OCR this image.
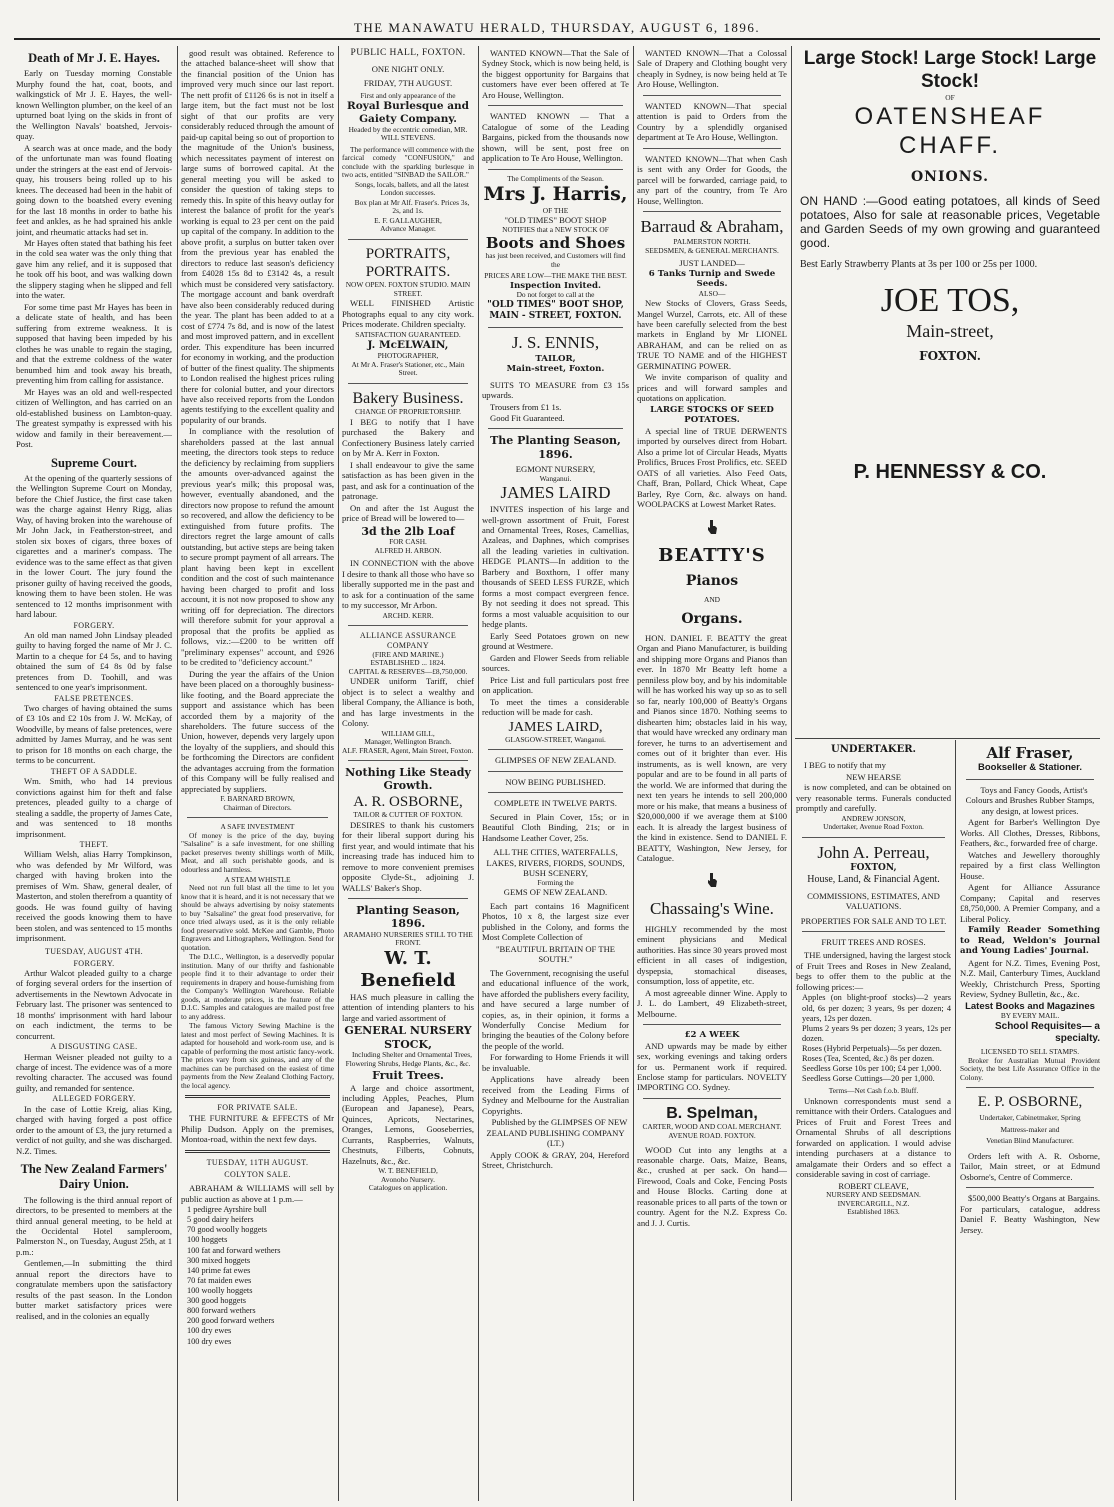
THE MANAWATU HERALD, THURSDAY, AUGUST 6, 1896.
Death of Mr J. E. Hayes.

Early on Tuesday morning Constable Murphy found the hat, coat, boots, and walkingstick of Mr J. E. Hayes, the well-known Wellington plumber, on the keel of an upturned boat lying on the skids in front of the Wellington Navals' boatshed, Jervois-quay.

A search was at once made, and the body of the unfortunate man was found floating under the stringers at the east end of Jervois-quay, his trousers being rolled up to his knees. The deceased had been in the habit of going down to the boatshed every evening for the last 18 months in order to bathe his feet and ankles, as he had sprained his ankle joint, and rheumatic attacks had set in.

Mr Hayes often stated that bathing his feet in the cold sea water was the only thing that gave him any relief, and it is supposed that he took off his boot, and was walking down the slippery staging when he slipped and fell into the water.

For some time past Mr Hayes has been in a delicate state of health, and has been suffering from extreme weakness. It is supposed that having been impeded by his clothes he was unable to regain the staging, and that the extreme coldness of the water benumbed him and took away his breath, preventing him from calling for assistance.

Mr Hayes was an old and well-respected citizen of Wellington, and has carried on an old-established business on Lambton-quay. The greatest sympathy is expressed with his widow and family in their bereavement.— Post.

Supreme Court.

At the opening of the quarterly sessions of the Wellington Supreme Court on Monday, before the Chief Justice, the first case taken was the charge against Henry Rigg, alias Way, of having broken into the warehouse of Mr John Jack, in Featherston-street, and stolen six boxes of cigars, three boxes of cigarettes and a mariner's compass. The evidence was to the same effect as that given in the lower Court. The jury found the prisoner guilty of having received the goods, knowing them to have been stolen. He was sentenced to 12 months imprisonment with hard labour.

FORGERY.

An old man named John Lindsay pleaded guilty to having forged the name of Mr J. C. Martin to a cheque for £4 5s, and to having obtained the sum of £4 8s 0d by false pretences from D. Toohill, and was sentenced to one year's imprisonment.

FALSE PRETENCES.

Two charges of having obtained the sums of £3 10s and £2 10s from J. W. McKay, of Woodville, by means of false pretences, were admitted by James Murray, and he was sent to prison for 18 months on each charge, the terms to be concurrent.

THEFT OF A SADDLE.

Wm. Smith, who had 14 previous convictions against him for theft and false pretences, pleaded guilty to a charge of stealing a saddle, the property of James Cate, and was sentenced to 18 months imprisonment.

THEFT.

William Welsh, alias Harry Tompkinson, who was defended by Mr Wilford, was charged with having broken into the premises of Wm. Shaw, general dealer, of Masterton, and stolen therefrom a quantity of goods. He was found guilty of having received the goods knowing them to have been stolen, and was sentenced to 15 months imprisonment.

TUESDAY, AUGUST 4TH.
FORGERY.

Arthur Walcot pleaded guilty to a charge of forging several orders for the insertion of advertisements in the Newtown Advocate in February last. The prisoner was sentenced to 18 months' imprisonment with hard labour on each indictment, the terms to be concurrent.

A DISGUSTING CASE.

Herman Weisner pleaded not guilty to a charge of incest. The evidence was of a more revolting character. The accused was found guilty, and remanded for sentence.

ALLEGED FORGERY.

In the case of Lottie Kreig, alias King, charged with having forged a post office order to the amount of £3, the jury returned a verdict of not guilty, and she was discharged. N.Z. Times.

The New Zealand Farmers' Dairy Union.

The following is the third annual report of directors, to be presented to members at the third annual general meeting, to be held at the Occidental Hotel sampleroom, Palmerston N., on Tuesday, August 25th, at 1 p.m.:

Gentlemen,—In submitting the third annual report the directors have to congratulate members upon the satisfactory results of the past season. In the London butter market satisfactory prices were realised, and in the colonies an equally

good result was obtained. Reference to the attached balance-sheet will show that the financial position of the Union has improved very much since our last report. The nett profit of £1126 6s is not in itself a large item, but the fact must not be lost sight of that our profits are very considerably reduced through the amount of paid-up capital being so out of proportion to the magnitude of the Union's business, which necessitates payment of interest on large sums of borrowed capital. At the general meeting you will be asked to consider the question of taking steps to remedy this. In spite of this heavy outlay for interest the balance of profit for the year's working is equal to 23 per cent on the paid up capital of the company. In addition to the above profit, a surplus on butter taken over from the previous year has enabled the directors to reduce last season's deficiency from £4028 15s 8d to £3142 4s, a result which must be considered very satisfactory. The mortgage account and bank overdraft have also been considerably reduced during the year. The plant has been added to at a cost of £774 7s 8d, and is now of the latest and most improved pattern, and in excellent order. This expenditure has been incurred for economy in working, and the production of butter of the finest quality. The shipments to London realised the highest prices ruling there for colonial butter, and your directors have also received reports from the London agents testifying to the excellent quality and popularity of our brands.

In compliance with the resolution of shareholders passed at the last annual meeting, the directors took steps to reduce the deficiency by reclaiming from suppliers the amounts over-advanced against the previous year's milk; this proposal was, however, eventually abandoned, and the directors now propose to refund the amount so recovered, and allow the deficiency to be extinguished from future profits. The directors regret the large amount of calls outstanding, but active steps are being taken to secure prompt payment of all arrears. The plant having been kept in excellent condition and the cost of such maintenance having been charged to profit and loss account, it is not now proposed to show any writing off for depreciation. The directors will therefore submit for your approval a proposal that the profits be applied as follows, viz.:—£200 to be written off "preliminary expenses" account, and £926 to be credited to "deficiency account."

During the year the affairs of the Union have been placed on a thoroughly business-like footing, and the Board appreciate the support and assistance which has been accorded them by a majority of the shareholders. The future success of the Union, however, depends very largely upon the loyalty of the suppliers, and should this be forthcoming the Directors are confident the advantages accruing from the formation of this Company will be fully realised and appreciated by suppliers.

F. BARNARD BROWN,
Chairman of Directors.
A SAFE INVESTMENT

Of money is the price of the day, buying "Salsaline" is a safe investment, for one shilling packet preserves twenty shillings worth of Milk, Meat, and all such perishable goods, and is odourless and harmless.

A STEAM WHISTLE

Need not run full blast all the time to let you know that it is heard, and it is not necessary that we should be always advertising by noisy statements to buy "Salsaline" the great food preservative, for once tried always used, as it is the only reliable food preservative sold. McKee and Gamble, Photo Engravers and Lithographers, Wellington. Send for quotation.

The D.I.C., Wellington, is a deservedly popular institution. Many of our thrifty and fashionable people find it to their advantage to order their requirements in drapery and house-furnishing from the Company's Wellington Warehouse. Reliable goods, at moderate prices, is the feature of the D.I.C. Samples and catalogues are mailed post free to any address.

The famous Victory Sewing Machine is the latest and most perfect of Sewing Machines. It is adapted for household and work-room use, and is capable of performing the most artistic fancy-work. The prices vary from six guineas, and any of the machines can be purchased on the easiest of time payments from the New Zealand Clothing Factory, the local agency.

FOR PRIVATE SALE.

THE FURNITURE & EFFECTS of Mr Philip Dudson. Apply on the premises, Montoa-road, within the next few days.

TUESDAY, 11TH AUGUST.
COLYTON SALE.

ABRAHAM & WILLIAMS will sell by public auction as above at 1 p.m.—

1 pedigree Ayrshire bull
5 good dairy heifers
70 good woolly hoggets
100 hoggets
100 fat and forward wethers
300 mixed hoggets
140 prime fat ewes
70 fat maiden ewes
100 woolly hoggets
300 good hoggets
800 forward wethers
200 good forward wethers
100 dry ewes
100 dry ewes
PUBLIC HALL, FOXTON.
ONE NIGHT ONLY.
FRIDAY, 7TH AUGUST.
First and only appearance of the
Royal Burlesque and Gaiety Company.
Headed by the eccentric comedian, MR. WILL STEVENS.

The performance will commence with the farcical comedy "CONFUSION," and conclude with the sparkling burlesque in two acts, entitled "SINBAD the SAILOR."

Songs, locals, ballets, and all the latest London successes.

Box plan at Mr Alf. Fraser's. Prices 3s, 2s, and 1s.

E. F. GALLAUGHER,
Advance Manager.
PORTRAITS, PORTRAITS.
NOW OPEN. FOXTON STUDIO. MAIN STREET.

WELL FINISHED Artistic Photographs equal to any city work. Prices moderate. Children specialty.

SATISFACTION GUARANTEED.
J. McELWAIN,
PHOTOGRAPHER,
At Mr A. Fraser's Stationer, etc., Main Street.
Bakery Business.
CHANGE OF PROPRIETORSHIP.

I BEG to notify that I have purchased the Bakery and Confectionery Business lately carried on by Mr A. Kerr in Foxton.

I shall endeavour to give the same satisfaction as has been given in the past, and ask for a continuation of the patronage.

On and after the 1st August the price of Bread will be lowered to—

3d the 2lb Loaf
FOR CASH.
ALFRED H. ARBON.

IN CONNECTION with the above I desire to thank all those who have so liberally supported me in the past and to ask for a continuation of the same to my successor, Mr Arbon.

ARCHD. KERR.
ALLIANCE ASSURANCE COMPANY
(FIRE AND MARINE.)
ESTABLISHED ... 1824.
CAPITAL & RESERVES—£8,750,000.

UNDER uniform Tariff, chief object is to select a wealthy and liberal Company, the Alliance is both, and has large investments in the Colony.

WILLIAM GILL,
Manager, Wellington Branch.
ALF. FRASER, Agent, Main Street, Foxton.
Nothing Like Steady Growth.
A. R. OSBORNE,
TAILOR & CUTTER OF FOXTON.

DESIRES to thank his customers for their liberal support during his first year, and would intimate that his increasing trade has induced him to remove to more convenient premises opposite Clyde-St., adjoining J. WALLS' Baker's Shop.

Planting Season, 1896.
ARAMAHO NURSERIES STILL TO THE FRONT.
W. T. Benefield

HAS much pleasure in calling the attention of intending planters to his large and varied assortment of

GENERAL NURSERY STOCK,

Including Shelter and Ornamental Trees, Flowering Shrubs, Hedge Plants, &c., &c.

Fruit Trees.

A large and choice assortment, including Apples, Peaches, Plum (European and Japanese), Pears, Quinces, Apricots, Nectarines, Oranges, Lemons, Gooseberries, Currants, Raspberries, Walnuts, Chestnuts, Filberts, Cobnuts, Hazelnuts, &c., &c.

W. T. BENEFIELD,
Avonoho Nursery.
Catalogues on application.

WANTED KNOWN—That the Sale of Sydney Stock, which is now being held, is the biggest opportunity for Bargains that customers have ever been offered at Te Aro House, Wellington.

WANTED KNOWN — That a Catalogue of some of the Leading Bargains, picked from the thousands now shown, will be sent, post free on application to Te Aro House, Wellington.

The Compliments of the Season.
Mrs J. Harris,
OF THE
"OLD TIMES" BOOT SHOP
NOTIFIES that a NEW STOCK OF
Boots and Shoes
has just been received, and Customers will find the
PRICES ARE LOW—THE MAKE THE BEST.
Inspection Invited.
Do not forget to call at the
"OLD TIMES" BOOT SHOP, MAIN - STREET, FOXTON.
J. S. ENNIS,
TAILOR,
Main-street, Foxton.

SUITS TO MEASURE from £3 15s upwards.

Trousers from £1 1s.

Good Fit Guaranteed.

The Planting Season, 1896.
EGMONT NURSERY,
Wanganui.
JAMES LAIRD

INVITES inspection of his large and well-grown assortment of Fruit, Forest and Ornamental Trees, Roses, Camellias, Azaleas, and Daphnes, which comprises all the leading varieties in cultivation. HEDGE PLANTS—In addition to the Barbery and Boxthorn, I offer many thousands of SEED LESS FURZE, which forms a most compact evergreen fence. By not seeding it does not spread. This forms a most valuable acquisition to our hedge plants.

Early Seed Potatoes grown on new ground at Westmere.

Garden and Flower Seeds from reliable sources.

Price List and full particulars post free on application.

To meet the times a considerable reduction will be made for cash.

JAMES LAIRD,
GLASGOW-STREET, Wanganui.
GLIMPSES OF NEW ZEALAND.
NOW BEING PUBLISHED.
COMPLETE IN TWELVE PARTS.

Secured in Plain Cover, 15s; or in Beautiful Cloth Binding, 21s; or in Handsome Leather Cover, 25s.

ALL THE CITIES, WATERFALLS, LAKES, RIVERS, FIORDS, SOUNDS, BUSH SCENERY,
Forming the
GEMS OF NEW ZEALAND.

Each part contains 16 Magnificent Photos, 10 x 8, the largest size ever published in the Colony, and forms the Most Complete Collection of

"BEAUTIFUL BRITAIN OF THE SOUTH."

The Government, recognising the useful and educational influence of the work, have afforded the publishers every facility, and have secured a large number of copies, as, in their opinion, it forms a Wonderfully Concise Medium for bringing the beauties of the Colony before the people of the world.

For forwarding to Home Friends it will be invaluable.

Applications have already been received from the Leading Firms of Sydney and Melbourne for the Australian Copyrights.

Published by the GLIMPSES OF NEW ZEALAND PUBLISHING COMPANY (LT.)

Apply COOK & GRAY, 204, Hereford Street, Christchurch.

WANTED KNOWN—That a Colossal Sale of Drapery and Clothing bought very cheaply in Sydney, is now being held at Te Aro House, Wellington.

WANTED KNOWN—That special attention is paid to Orders from the Country by a splendidly organised department at Te Aro House, Wellington.

WANTED KNOWN—That when Cash is sent with any Order for Goods, the parcel will be forwarded, carriage paid, to any part of the country, from Te Aro House, Wellington.

Barraud & Abraham,
PALMERSTON NORTH.
SEEDSMEN, & GENERAL MERCHANTS.
JUST LANDED—
6 Tanks Turnip and Swede Seeds.
ALSO—

New Stocks of Clovers, Grass Seeds, Mangel Wurzel, Carrots, etc. All of these have been carefully selected from the best markets in England by Mr LIONEL ABRAHAM, and can be relied on as TRUE TO NAME and of the HIGHEST GERMINATING POWER.

We invite comparison of quality and prices and will forward samples and quotations on application.

LARGE STOCKS OF SEED POTATOES.

A special line of TRUE DERWENTS imported by ourselves direct from Hobart. Also a prime lot of Circular Heads, Myatts Prolifics, Bruces Frost Prolifics, etc. SEED OATS of all varieties. Also Feed Oats, Chaff, Bran, Pollard, Chick Wheat, Cape Barley, Rye Corn, &c. always on hand. WOOLPACKS at Lowest Market Rates.

BEATTY'S
Pianos
AND
Organs.

HON. DANIEL F. BEATTY the great Organ and Piano Manufacturer, is building and shipping more Organs and Pianos than ever. In 1870 Mr Beatty left home a penniless plow boy, and by his indomitable will he has worked his way up so as to sell so far, nearly 100,000 of Beatty's Organs and Pianos since 1870. Nothing seems to dishearten him; obstacles laid in his way, that would have wrecked any ordinary man forever, he turns to an advertisement and comes out of it brighter than ever. His instruments, as is well known, are very popular and are to be found in all parts of the world. We are informed that during the next ten years he intends to sell 200,000 more or his make, that means a business of $20,000,000 if we average them at $100 each. It is already the largest business of the kind in existence. Send to DANIEL F. BEATTY, Washington, New Jersey, for Catalogue.

Chassaing's Wine.

HIGHLY recommended by the most eminent physicians and Medical authorities. Has since 30 years proved most efficient in all cases of indigestion, dyspepsia, stomachical diseases, consumption, loss of appetite, etc.

A most agreeable dinner Wine. Apply to J. L. do Lambert, 49 Elizabeth-street, Melbourne.

£2 A WEEK

AND upwards may be made by either sex, working evenings and taking orders for us. Permanent work if required. Enclose stamp for particulars. NOVELTY IMPORTING CO. Sydney.

B. Spelman,
CARTER, WOOD AND COAL MERCHANT.
AVENUE ROAD. FOXTON.

WOOD Cut into any lengths at a reasonable charge. Oats, Maize, Beans, &c., crushed at per sack. On hand—Firewood, Coals and Coke, Fencing Posts and House Blocks. Carting done at reasonable prices to all parts of the town or country. Agent for the N.Z. Express Co. and J. J. Curtis.

Large Stock! Large Stock! Large Stock!
OF
OATENSHEAF CHAFF.
ONIONS.

ON HAND :—Good eating potatoes, all kinds of Seed potatoes, Also for sale at reasonable prices, Vegetable and Garden Seeds of my own growing and guaranteed good.

Best Early Strawberry Plants at 3s per 100 or 25s per 1000.

JOE TOS,
Main-street,
FOXTON.
P. HENNESSY & CO.
UNDERTAKER.

I BEG to notify that my

NEW HEARSE

is now completed, and can be obtained on very reasonable terms. Funerals conducted promptly and carefully.

ANDREW JONSON,
Undertaker, Avenue Road Foxton.
John A. Perreau,
FOXTON,
House, Land, & Financial Agent.
COMMISSIONS, ESTIMATES, AND VALUATIONS.
PROPERTIES FOR SALE AND TO LET.
FRUIT TREES AND ROSES.

THE undersigned, having the largest stock of Fruit Trees and Roses in New Zealand, begs to offer them to the public at the following prices:—

Apples (on blight-proof stocks)—2 years old, 6s per dozen; 3 years, 9s per dozen; 4 years, 12s per dozen.
Plums 2 years 9s per dozen; 3 years, 12s per dozen.
Roses (Hybrid Perpetuals)—5s per dozen.
Roses (Tea, Scented, &c.) 8s per dozen.
Seedless Gorse 10s per 100; £4 per 1,000.
Seedless Gorse Cuttings—20 per 1,000.
Terms—Net Cash f.o.b. Bluff.

Unknown correspondents must send a remittance with their Orders. Catalogues and Prices of Fruit and Forest Trees and Ornamental Shrubs of all descriptions forwarded on application. I would advise intending purchasers at a distance to amalgamate their Orders and so effect a considerable saving in cost of carriage.

ROBERT CLEAVE,
NURSERY AND SEEDSMAN.
INVERCARGILL, N.Z.
Established 1863.
Alf Fraser,
Bookseller & Stationer.

Toys and Fancy Goods, Artist's Colours and Brushes Rubber Stamps, any design, at lowest prices.

Agent for Barber's Wellington Dye Works. All Clothes, Dresses, Ribbons, Feathers, &c., forwarded free of charge.

Watches and Jewellery thoroughly repaired by a first class Wellington House.

Agent for Alliance Assurance Company; Capital and reserves £8,750,000. A Premier Company, and a Liberal Policy.

Family Reader Something to Read, Weldon's Journal and Young Ladies' Journal.

Agent for N.Z. Times, Evening Post, N.Z. Mail, Canterbury Times, Auckland Weekly, Christchurch Press, Sporting Review, Sydney Bulletin, &c., &c.

Latest Books and Magazines
BY EVERY MAIL.
School Requisites— a specialty.
LICENSED TO SELL STAMPS.

Broker for Australian Mutual Provident Society, the best Life Assurance Office in the Colony.

E. P. OSBORNE,
Undertaker, Cabinetmaker, Spring
Mattress-maker and
Venetian Blind Manufacturer.

Orders left with A. R. Osborne, Tailor, Main street, or at Edmund Osborne's, Centre of Commerce.

$500,000 Beatty's Organs at Bargains. For particulars, catalogue, address Daniel F. Beatty Washington, New Jersey.
